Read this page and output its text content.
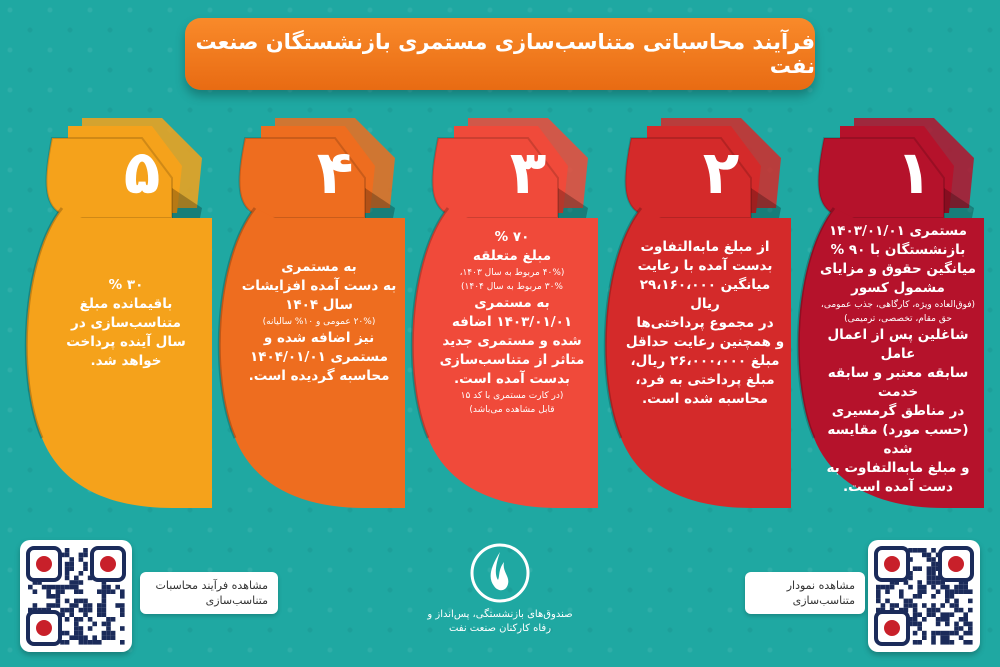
فرآیند محاسباتی متناسب‌سازی مستمری بازنشستگان صنعت نفت
۵
۳۰ %
باقیمانده مبلغ
متناسب‌سازی در
سال آینده پرداخت
خواهد شد.
۴
به مستمری
به دست آمده افزایشات
سال ۱۴۰۴
(۲۰% عمومی و ۱۰% سالیانه)
نیز اضافه شده و
مستمری ۱۴۰۴/۰۱/۰۱
محاسبه گردیده است.
۳
۷۰ %
مبلغ متعلقه
(۴۰% مربوط به سال ۱۴۰۳،
۳۰% مربوط به سال ۱۴۰۴)
به مستمری
۱۴۰۳/۰۱/۰۱ اضافه
شده و مستمری جدید
متاثر از متناسب‌سازی
بدست آمده است.
(در کارت مستمری با کد ۱۵
قابل مشاهده می‌باشد)
۲
از مبلغ مابه‌التفاوت
بدست آمده با رعایت
میانگین ۲۹،۱۶۰،۰۰۰ ریال
در مجموع پرداختی‌ها
و همچنین رعایت حداقل
مبلغ ۲۶،۰۰۰،۰۰۰ ریال،
مبلغ پرداختی به فرد،
محاسبه شده است.
۱
مستمری ۱۴۰۳/۰۱/۰۱
بازنشستگان با ۹۰ %
میانگین حقوق و مزایای
مشمول کسور
(فوق‌العاده ویژه، کارگاهی، جذب عمومی،
حق مقام، تخصصی، ترمیمی)
شاغلین پس از اعمال عامل
سابقه معتبر و سابقه خدمت
در مناطق گرمسیری
(حسب مورد) مقایسه شده
و مبلغ مابه‌التفاوت به
دست آمده است.
مشاهده فرآیند محاسبات متناسب‌سازی
مشاهده نمودار متناسب‌سازی
صندوق‌های بازنشستگی، پس‌انداز و رفاه کارکنان صنعت نفت
